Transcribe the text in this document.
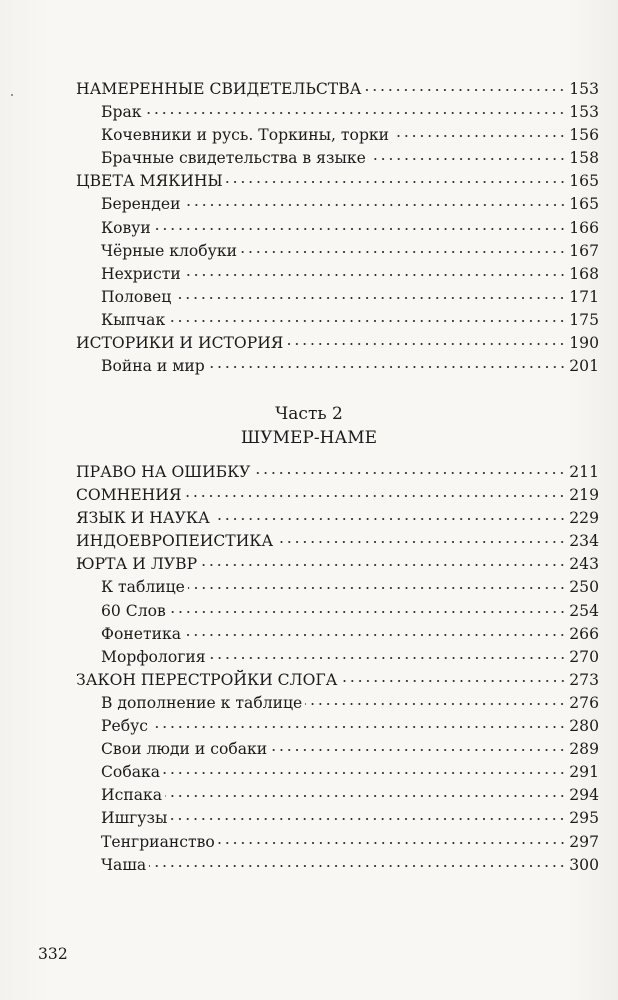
НАМЕРЕННЫЕ СВИДЕТЕЛЬСТВА	153
Брак	153
Кочевники и русь. Торкины, торки	156
Брачные свидетельства в языке	158
ЦВЕТА МЯКИНЫ	165
Берендеи	165
Ковуи	166
Чёрные клобуки	167
Нехристи	168
Половец	171
Кыпчак	175
ИСТОРИКИ И ИСТОРИЯ	190
Война и мир	201
Часть 2
ШУМЕР-НАМЕ
ПРАВО НА ОШИБКУ	211
СОМНЕНИЯ	219
ЯЗЫК И НАУКА	229
ИНДОЕВРОПЕИСТИКА	234
ЮРТА И ЛУВР	243
К таблице	250
60 Слов	254
Фонетика	266
Морфология	270
ЗАКОН ПЕРЕСТРОЙКИ СЛОГА	273
В дополнение к таблице	276
Ребус	280
Свои люди и собаки	289
Собака	291
Испака	294
Ишгузы	295
Тенгрианство	297
Чаша	300
332
